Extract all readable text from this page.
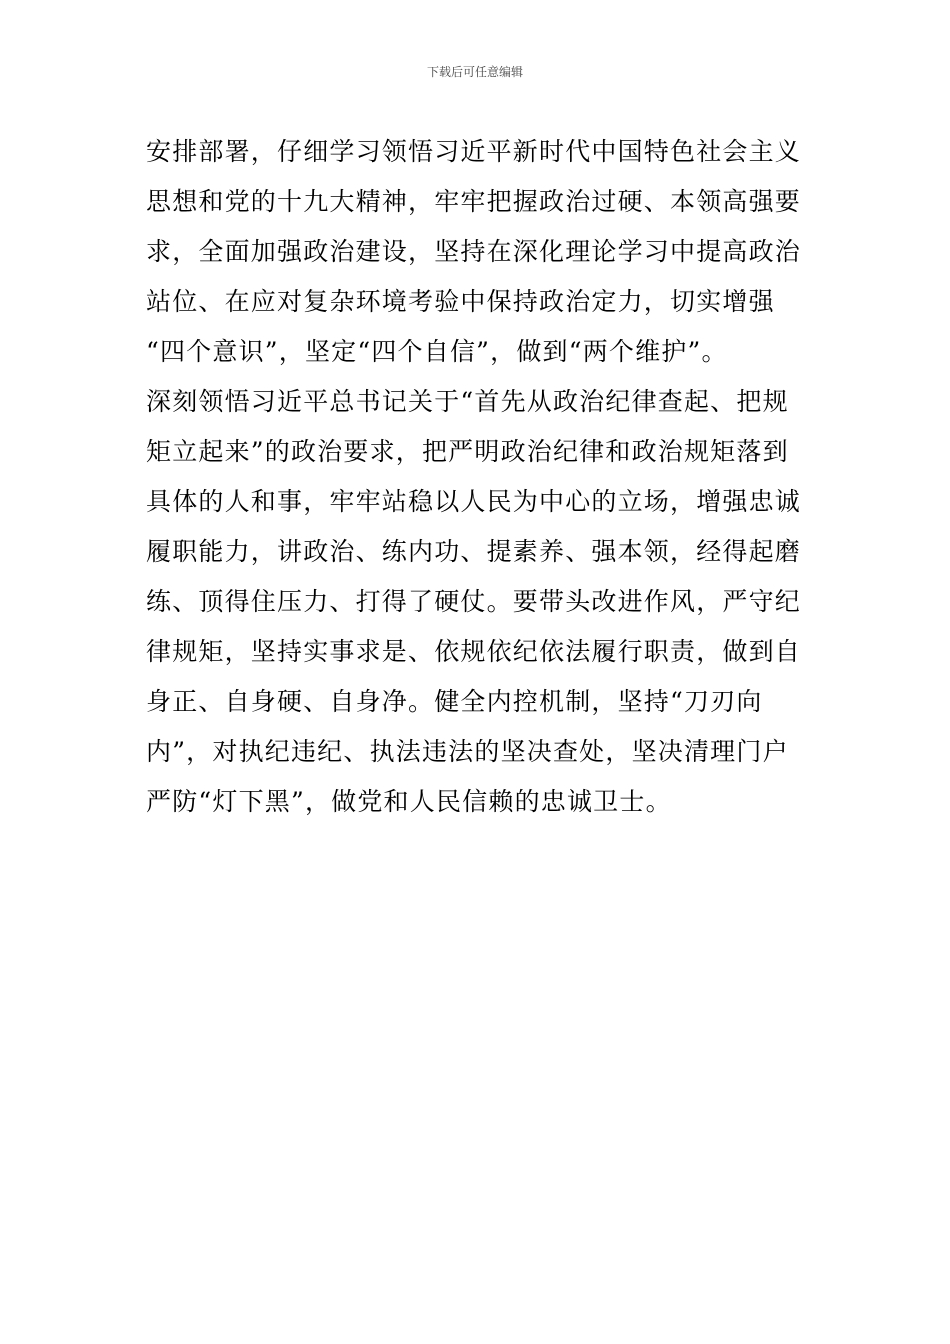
下载后可任意编辑
安排部署，仔细学习领悟习近平新时代中国特色社会主义
思想和党的十九大精神，牢牢把握政治过硬、本领高强要
求，全面加强政治建设，坚持在深化理论学习中提高政治
站位、在应对复杂环境考验中保持政治定力，切实增强
“四个意识”，坚定“四个自信”，做到“两个维护”。
深刻领悟习近平总书记关于“首先从政治纪律查起、把规
矩立起来”的政治要求，把严明政治纪律和政治规矩落到
具体的人和事，牢牢站稳以人民为中心的立场，增强忠诚
履职能力，讲政治、练内功、提素养、强本领，经得起磨
练、顶得住压力、打得了硬仗。要带头改进作风，严守纪
律规矩，坚持实事求是、依规依纪依法履行职责，做到自
身正、自身硬、自身净。健全内控机制，坚持“刀刃向
内”，对执纪违纪、执法违法的坚决查处，坚决清理门户
严防“灯下黑”，做党和人民信赖的忠诚卫士。
